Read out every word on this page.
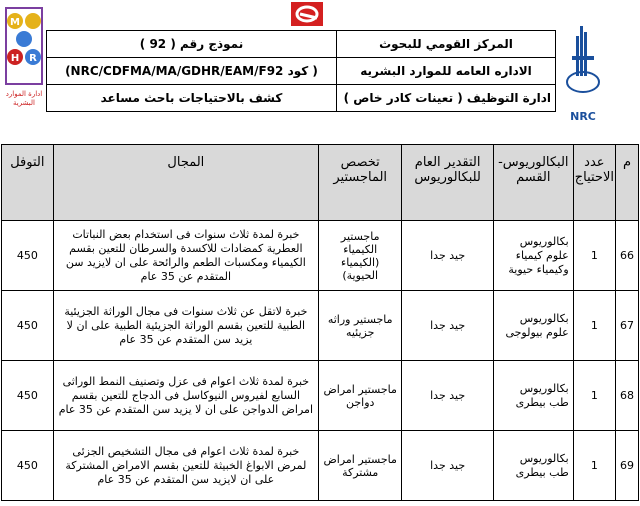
M
H R
ادارة الموارد البشرية
NRC
نموذج رقم ( 92 )	المركز القومي للبحوث
(NRC/CDFMA/MA/GDHR/EAM/F92 كود )	الاداره العامه للموارد البشريه
كشف بالاحتياجات باحث مساعد	ادارة التوظيف ( تعينات كادر خاص )
م	عدد الاحتياج	البكالوريوس- القسم	التقدير العام للبكالوريوس	تخصص الماجستير	المجال	التوفل
66	1	بكالوريوس علوم كيمياء وكيمياء حيوية	جيد جدا	ماجستير الكيمياء (الكيمياء الحيوية)	خبرة لمدة ثلاث سنوات فى استخدام بعض النباتات العطرية كمضادات للاكسدة والسرطان للتعين بقسم الكيمياء ومكسبات الطعم والرائحة على ان لايزيد سن المتقدم عن 35 عام	450
67	1	بكالوريوس علوم بيولوجى	جيد جدا	ماجستير وراثه جزيئيه	خبرة لاتقل عن ثلاث سنوات فى مجال الوراثة الجزيئية الطبية للتعين بقسم الوراثة الجزيئية الطبية على ان لا يزيد سن المتقدم عن 35 عام	450
68	1	بكالوريوس طب بيطرى	جيد جدا	ماجستير امراض دواجن	خبرة لمدة ثلاث اعوام فى عزل وتصنيف النمط الوراثى السابع لفيروس النيوكاسل فى الدجاج للتعين بقسم امراض الدواجن على ان لا يزيد سن المتقدم عن 35 عام	450
69	1	بكالوريوس طب بيطرى	جيد جدا	ماجستير امراض مشتركة	خبرة لمدة ثلاث اعوام فى مجال التشخيص الجزئى لمرض الابواغ الخبيثة للتعين بقسم الامراض المشتركة على ان لايزيد سن المتقدم عن 35 عام	450
